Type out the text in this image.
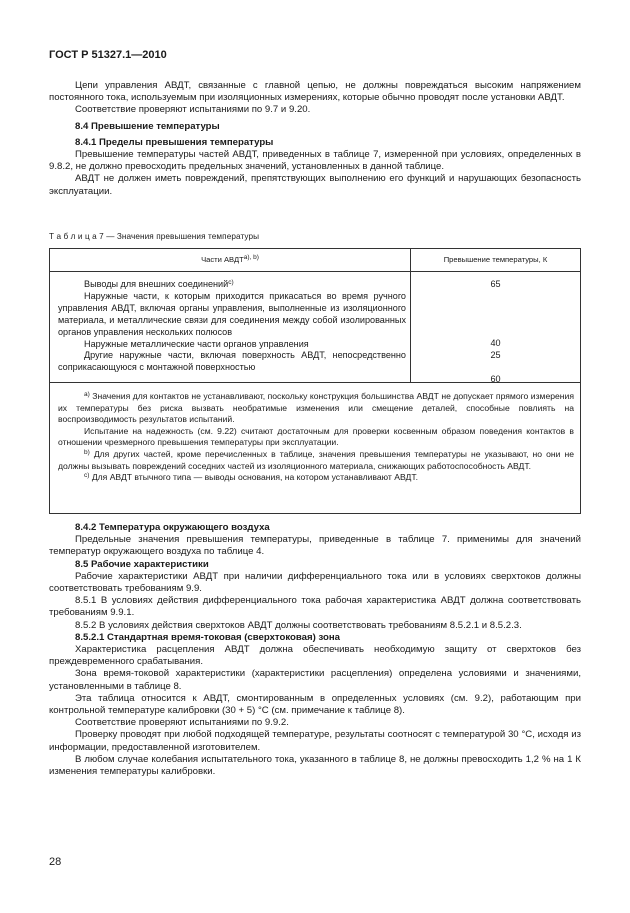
ГОСТ Р 51327.1—2010

Цепи управления АВДТ, связанные с главной цепью, не должны повреждаться высоким напряжением постоянного тока, используемым при изоляционных измерениях, которые обычно проводят после установки АВДТ.

Соответствие проверяют испытаниями по 9.7 и 9.20.

8.4 Превышение температуры

8.4.1 Пределы превышения температуры

Превышение температуры частей АВДТ, приведенных в таблице 7, измеренной при условиях, определенных в 9.8.2, не должно превосходить предельных значений, установленных в данной таблице.

АВДТ не должен иметь повреждений, препятствующих выполнению его функций и нарушающих безопасность эксплуатации.

Т а б л и ц а 7 — Значения превышения температуры
Части $АВДТ^{а), b)}$	Превышение температуры, К

Выводы для внешних соединений$^{c)}$

Наружные части, к которым приходится прикасаться во время ручного управления АВДТ, включая органы управления, выполненные из изоляционного материала, и металлические связи для соединения между собой изолированных органов управления нескольких полюсов

Наружные металлические части органов управления

Другие наружные части, включая поверхность АВДТ, непосредственно соприкасающуюся с монтажной поверхностью

65
40
25
60

$^{a)}$ Значения для контактов не устанавливают, поскольку конструкция большинства АВДТ не допускает прямого измерения их температуры без риска вызвать необратимые изменения или смещение деталей, способные повлиять на воспроизводимость результатов испытаний.

Испытание на надежность (см. 9.22) считают достаточным для проверки косвенным образом поведения контактов в отношении чрезмерного превышения температуры при эксплуатации.

$^{b)}$ Для других частей, кроме перечисленных в таблице, значения превышения температуры не указывают, но они не должны вызывать повреждений соседних частей из изоляционного материала, снижающих работоспособность АВДТ.

$^{c)}$ Для АВДТ втычного типа — выводы основания, на котором устанавливают АВДТ.

8.4.2 Температура окружающего воздуха

Предельные значения превышения температуры, приведенные в таблице 7. применимы для значений температур окружающего воздуха по таблице 4.

8.5 Рабочие характеристики

Рабочие характеристики АВДТ при наличии дифференциального тока или в условиях сверхтоков должны соответствовать требованиям 9.9.

8.5.1 В условиях действия дифференциального тока рабочая характеристика АВДТ должна соответствовать требованиям 9.9.1.

8.5.2 В условиях действия сверхтоков АВДТ должны соответствовать требованиям 8.5.2.1 и 8.5.2.3.

8.5.2.1 Стандартная время-токовая (сверхтоковая) зона

Характеристика расцепления АВДТ должна обеспечивать необходимую защиту от сверхтоков без преждевременного срабатывания.

Зона время-токовой характеристики (характеристики расцепления) определена условиями и значениями, установленными в таблице 8.

Эта таблица относится к АВДТ, смонтированным в определенных условиях (см. 9.2), работающим при контрольной температуре калибровки (30 + 5) °С (см. примечание к таблице 8).

Соответствие проверяют испытаниями по 9.9.2.

Проверку проводят при любой подходящей температуре, результаты соотносят с температурой 30 °С, исходя из информации, предоставленной изготовителем.

В любом случае колебания испытательного тока, указанного в таблице 8, не должны превосходить 1,2 % на 1 К изменения температуры калибровки.

28
